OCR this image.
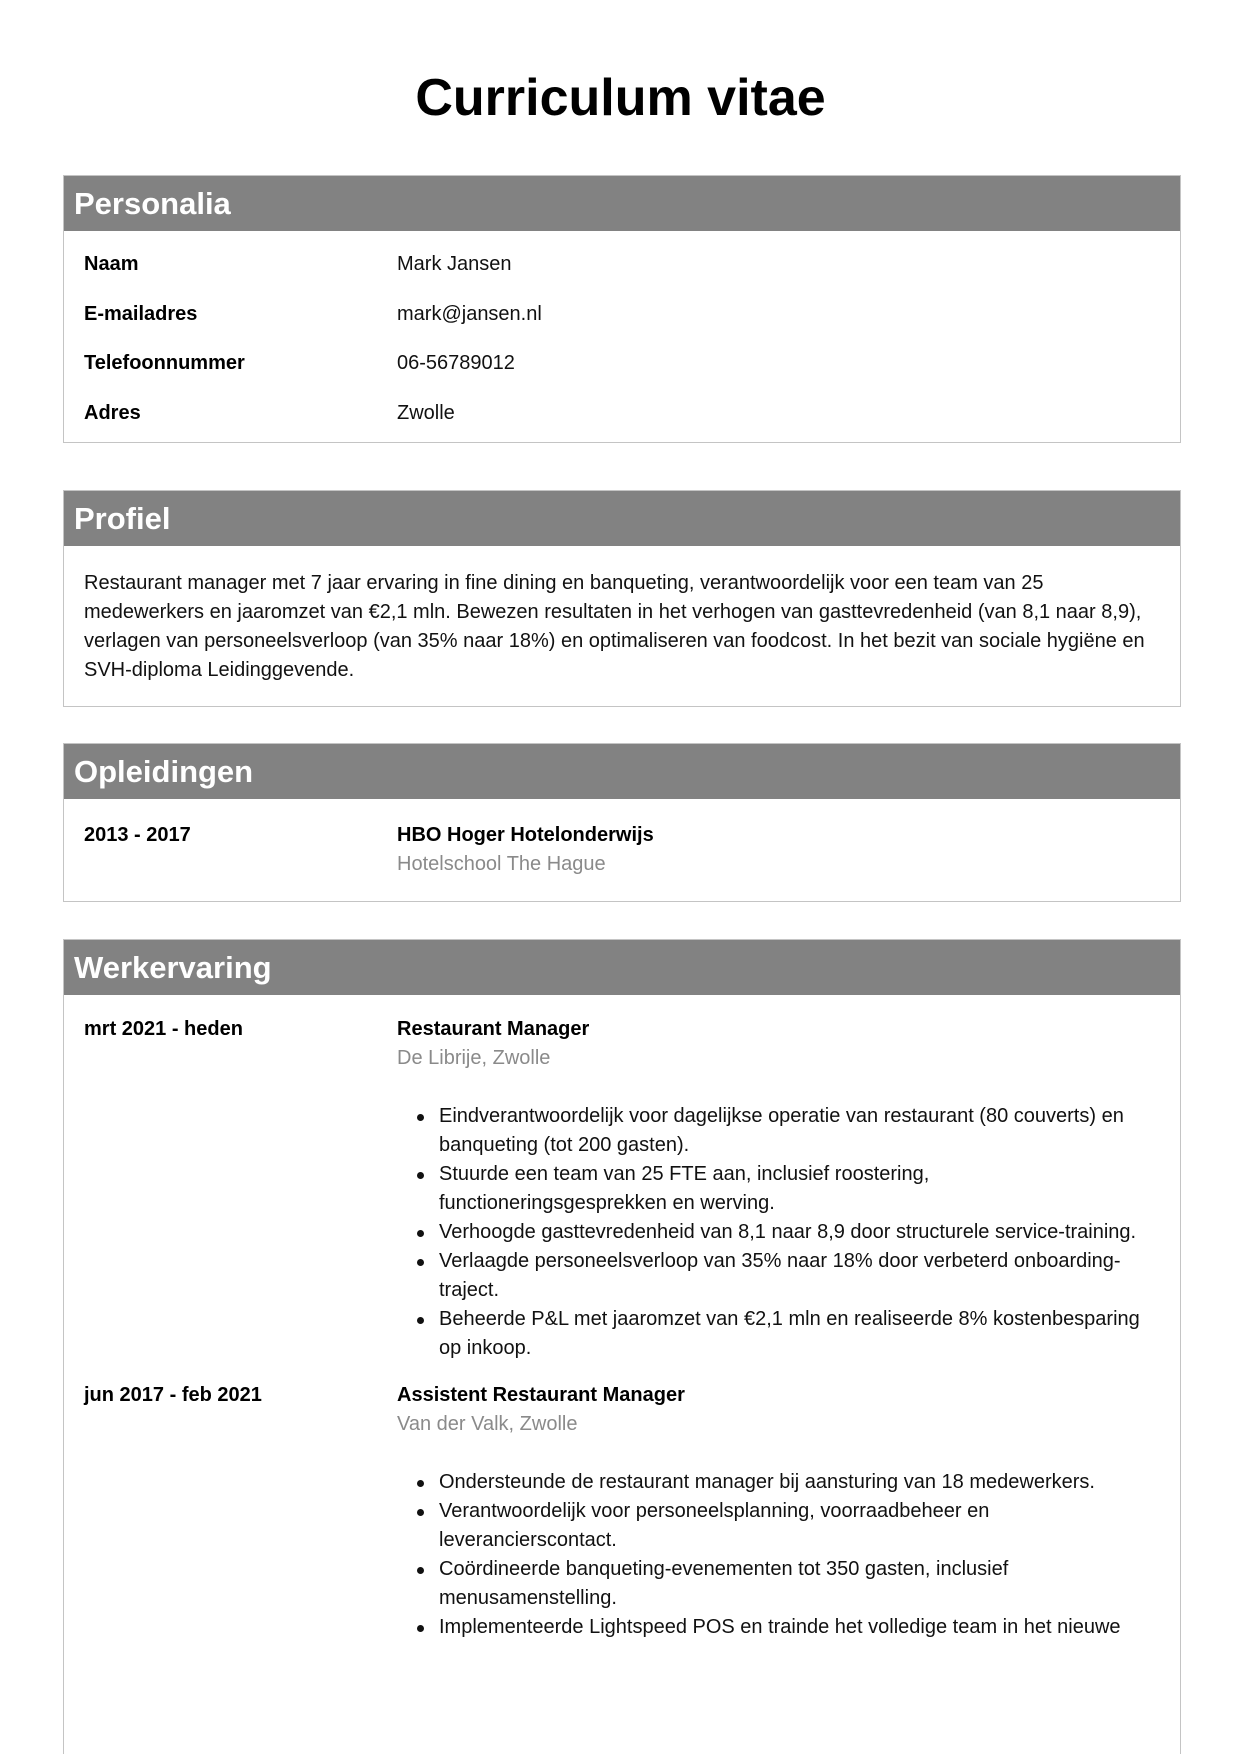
Curriculum vitae
Personalia
Naam	Mark Jansen
E-mailadres	mark@jansen.nl
Telefoonnummer	06-56789012
Adres	Zwolle
Profiel

Restaurant manager met 7 jaar ervaring in fine dining en banqueting, verantwoordelijk voor een team van 25 medewerkers en jaaromzet van €2,1 mln. Bewezen resultaten in het verhogen van gasttevredenheid (van 8,1 naar 8,9), verlagen van personeelsverloop (van 35% naar 18%) en optimaliseren van foodcost. In het bezit van sociale hygiëne en SVH-diploma Leidinggevende.

Opleidingen
2013 - 2017	HBO Hoger Hotelonderwijs
Hotelschool The Hague
Werkervaring
mrt 2021 - heden	Restaurant Manager
De Librije, Zwolle
Eindverantwoordelijk voor dagelijkse operatie van restaurant (80 couverts) en banqueting (tot 200 gasten).
Stuurde een team van 25 FTE aan, inclusief roostering, functioneringsgesprekken en werving.
Verhoogde gasttevredenheid van 8,1 naar 8,9 door structurele service-training.
Verlaagde personeelsverloop van 35% naar 18% door verbeterd onboarding-traject.
Beheerde P&L met jaaromzet van €2,1 mln en realiseerde 8% kostenbesparing op inkoop.
jun 2017 - feb 2021	Assistent Restaurant Manager
Van der Valk, Zwolle
Ondersteunde de restaurant manager bij aansturing van 18 medewerkers.
Verantwoordelijk voor personeelsplanning, voorraadbeheer en leverancierscontact.
Coördineerde banqueting-evenementen tot 350 gasten, inclusief menusamenstelling.
Implementeerde Lightspeed POS en trainde het volledige team in het nieuwe
